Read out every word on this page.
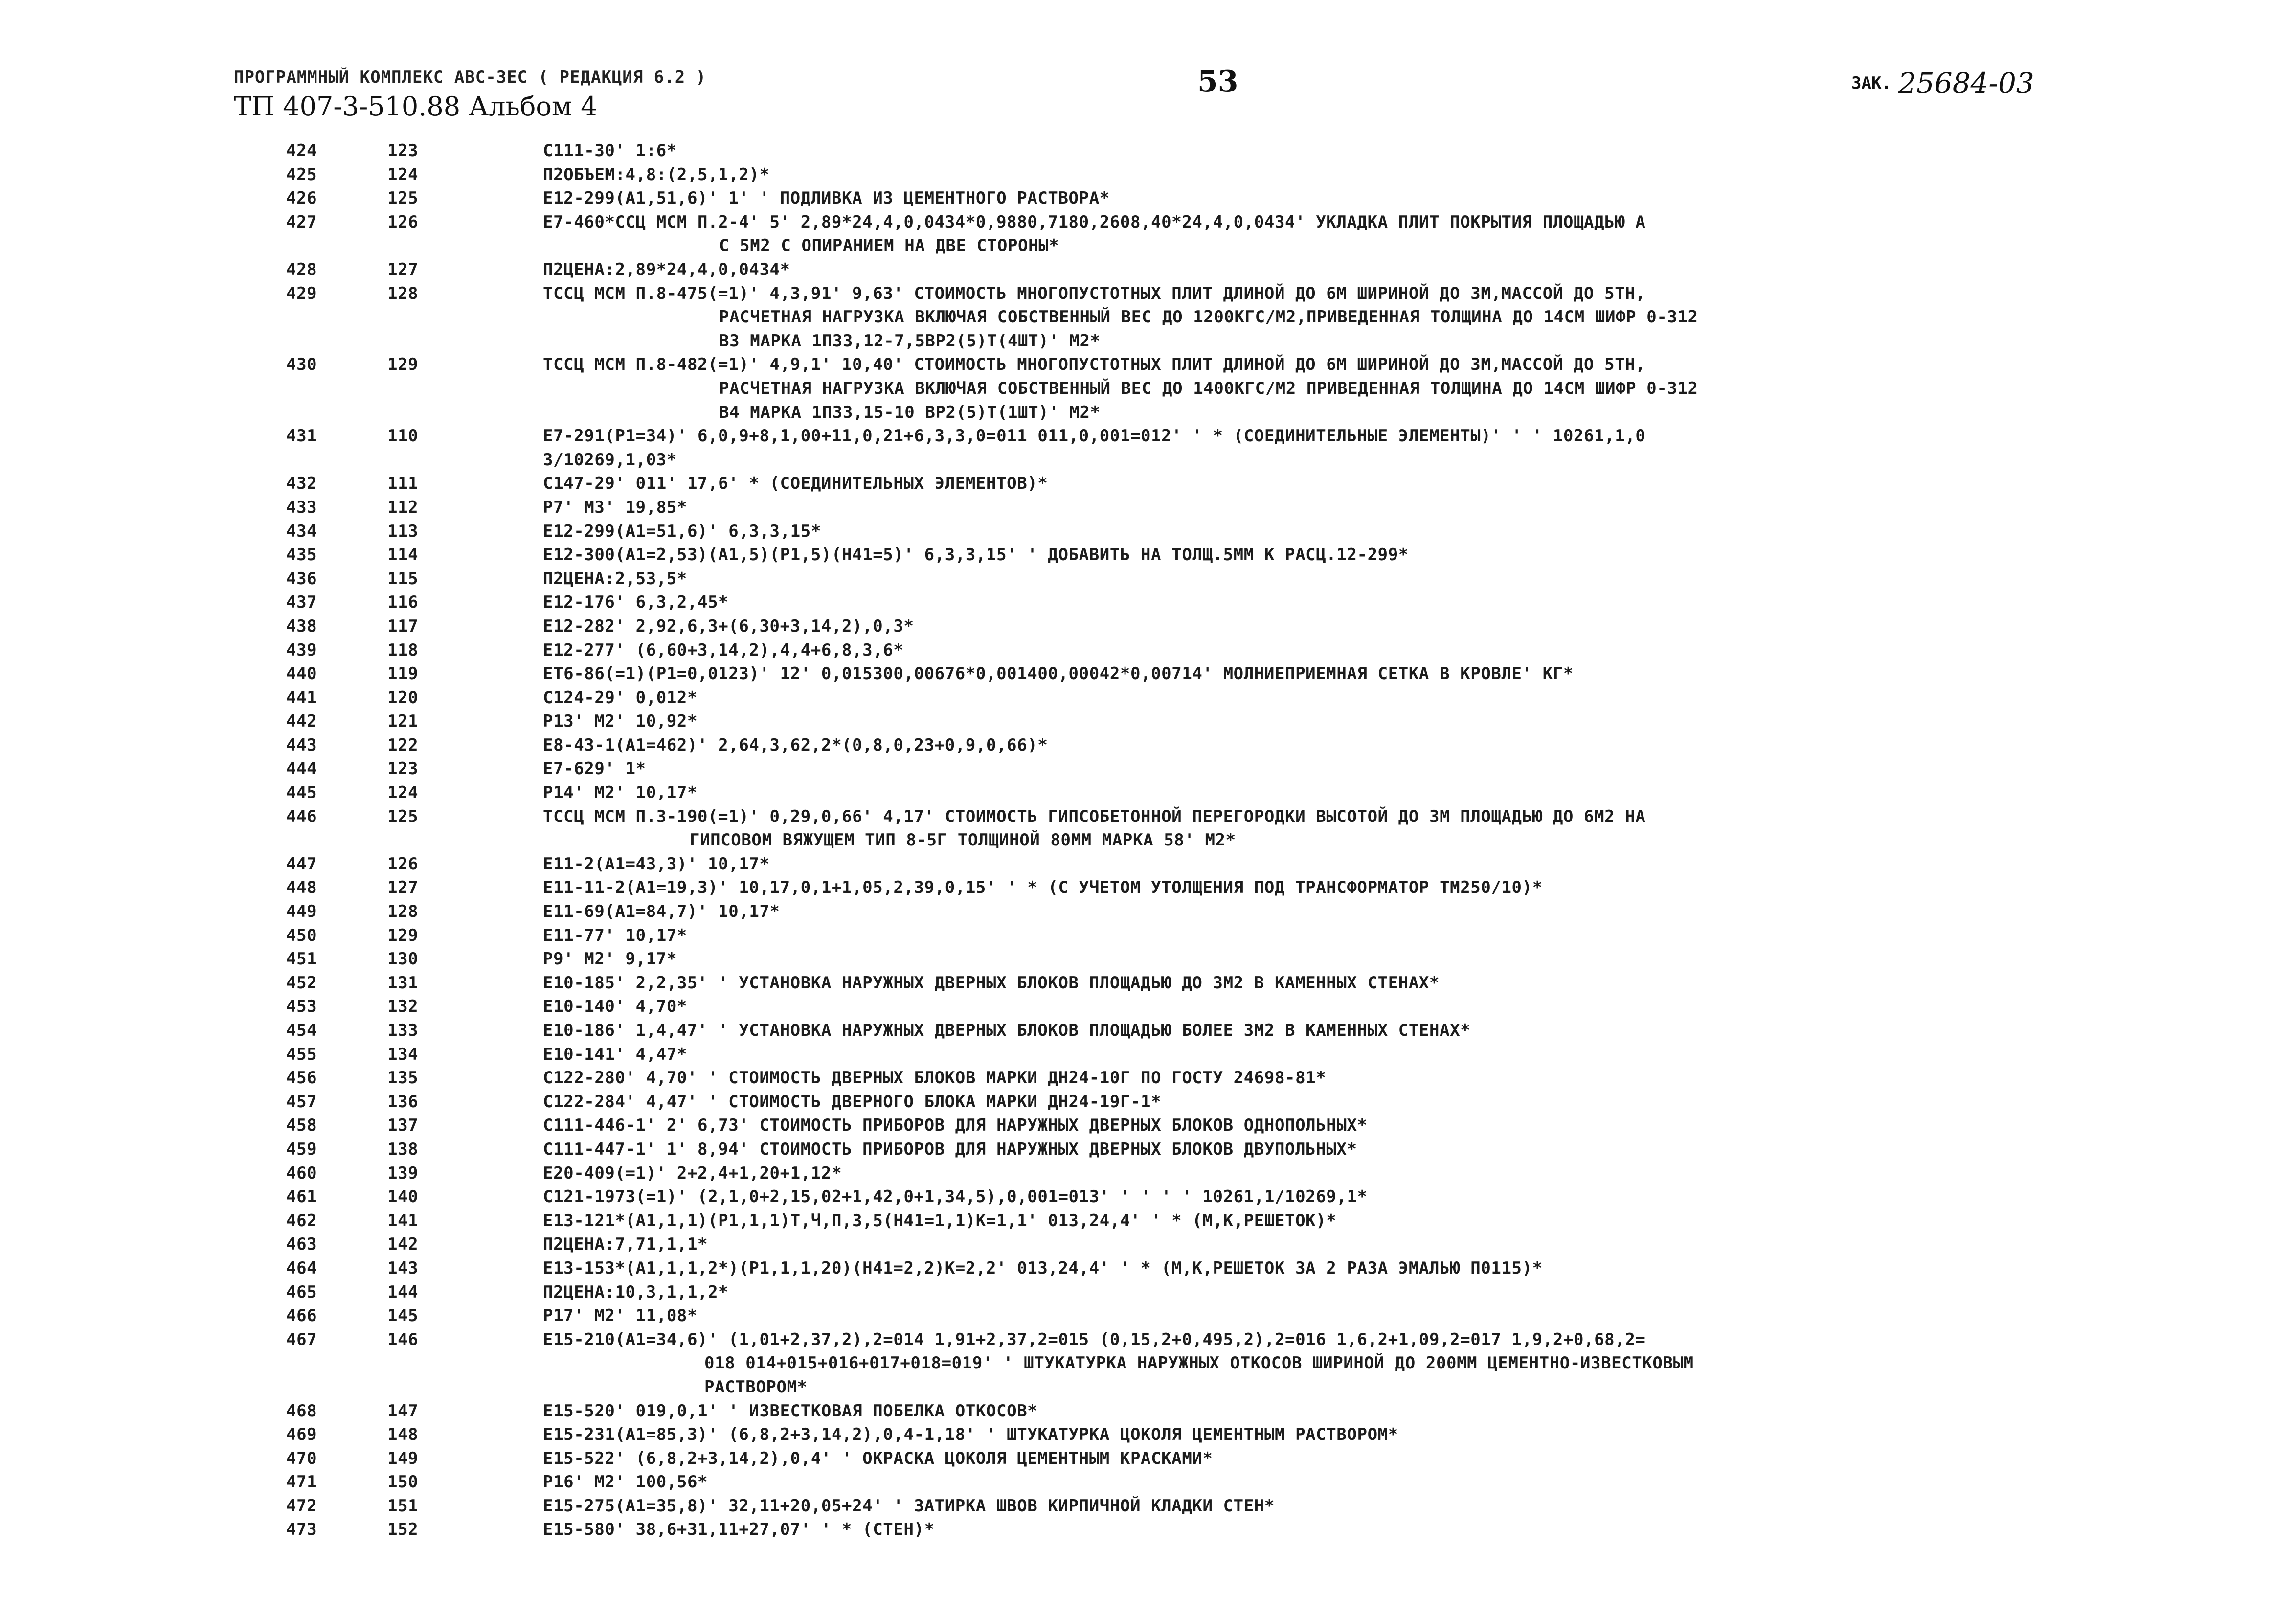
ПРОГРАММНЫЙ КОМПЛЕКС АВС-ЗЕС ( РЕДАКЦИЯ 6.2 )
ТП 407-3-510.88 Альбом 4
53	ЗАК. 25684-03
424	123	C111-30' 1:6*
425	124	П2ОБЪЕМ:4,8:(2,5,1,2)*
426	125	E12-299(A1,51,6)' 1' ' ПОДЛИВКА ИЗ ЦЕМЕНТНОГО РАСТВОРА*
427	126	E7-460*ССЦ МСМ П.2-4' 5' 2,89*24,4,0,0434*0,9880,7180,2608,40*24,4,0,0434' УКЛАДКА ПЛИТ ПОКРЫТИЯ ПЛОЩАДЬЮ А
С 5М2 С ОПИРАНИЕМ НА ДВЕ СТОРОНЫ*
428	127	П2ЦЕНА:2,89*24,4,0,0434*
429	128	ТССЦ МСМ П.8-475(=1)' 4,3,91' 9,63' СТОИМОСТЬ МНОГОПУСТОТНЫХ ПЛИТ ДЛИНОЙ ДО 6М ШИРИНОЙ ДО 3М,МАССОЙ ДО 5ТН,
РАСЧЕТНАЯ НАГРУЗКА ВКЛЮЧАЯ СОБСТВЕННЫЙ ВЕС ДО 1200КГС/М2,ПРИВЕДЕННАЯ ТОЛЩИНА ДО 14СМ ШИФР 0-312
ВЗ МАРКА 1П33,12-7,5ВР2(5)Т(4ШТ)' М2*
430	129	ТССЦ МСМ П.8-482(=1)' 4,9,1' 10,40' СТОИМОСТЬ МНОГОПУСТОТНЫХ ПЛИТ ДЛИНОЙ ДО 6М ШИРИНОЙ ДО 3М,МАССОЙ ДО 5ТН,
РАСЧЕТНАЯ НАГРУЗКА ВКЛЮЧАЯ СОБСТВЕННЫЙ ВЕС ДО 1400КГС/М2 ПРИВЕДЕННАЯ ТОЛЩИНА ДО 14СМ ШИФР 0-312
В4 МАРКА 1П33,15-10 ВР2(5)Т(1ШТ)' М2*
431	110	E7-291(P1=34)' 6,0,9+8,1,00+11,0,21+6,3,3,0=011 011,0,001=012' ' * (СОЕДИНИТЕЛЬНЫЕ ЭЛЕМЕНТЫ)' ' ' 10261,1,0
3/10269,1,03*
432	111	C147-29' 011' 17,6' * (СОЕДИНИТЕЛЬНЫХ ЭЛЕМЕНТОВ)*
433	112	P7' М3' 19,85*
434	113	E12-299(A1=51,6)' 6,3,3,15*
435	114	E12-300(A1=2,53)(A1,5)(P1,5)(H41=5)' 6,3,3,15' ' ДОБАВИТЬ НА ТОЛЩ.5ММ К РАСЦ.12-299*
436	115	П2ЦЕНА:2,53,5*
437	116	E12-176' 6,3,2,45*
438	117	E12-282' 2,92,6,3+(6,30+3,14,2),0,3*
439	118	E12-277' (6,60+3,14,2),4,4+6,8,3,6*
440	119	ET6-86(=1)(P1=0,0123)' 12' 0,015300,00676*0,001400,00042*0,00714' МОЛНИЕПРИЕМНАЯ СЕТКА В КРОВЛЕ' КГ*
441	120	C124-29' 0,012*
442	121	P13' М2' 10,92*
443	122	E8-43-1(A1=462)' 2,64,3,62,2*(0,8,0,23+0,9,0,66)*
444	123	E7-629' 1*
445	124	P14' М2' 10,17*
446	125	ТССЦ МСМ П.3-190(=1)' 0,29,0,66' 4,17' СТОИМОСТЬ ГИПСОБЕТОННОЙ ПЕРЕГОРОДКИ ВЫСОТОЙ ДО 3М ПЛОЩАДЬЮ ДО 6М2 НА
ГИПСОВОМ ВЯЖУЩЕМ ТИП 8-5Г ТОЛЩИНОЙ 80ММ МАРКА 58' М2*
447	126	E11-2(A1=43,3)' 10,17*
448	127	E11-11-2(A1=19,3)' 10,17,0,1+1,05,2,39,0,15' ' * (С УЧЕТОМ УТОЛЩЕНИЯ ПОД ТРАНСФОРМАТОР ТМ250/10)*
449	128	E11-69(A1=84,7)' 10,17*
450	129	E11-77' 10,17*
451	130	P9' М2' 9,17*
452	131	E10-185' 2,2,35' ' УСТАНОВКА НАРУЖНЫХ ДВЕРНЫХ БЛОКОВ ПЛОЩАДЬЮ ДО 3М2 В КАМЕННЫХ СТЕНАХ*
453	132	E10-140' 4,70*
454	133	E10-186' 1,4,47' ' УСТАНОВКА НАРУЖНЫХ ДВЕРНЫХ БЛОКОВ ПЛОЩАДЬЮ БОЛЕЕ 3М2 В КАМЕННЫХ СТЕНАХ*
455	134	E10-141' 4,47*
456	135	C122-280' 4,70' ' СТОИМОСТЬ ДВЕРНЫХ БЛОКОВ МАРКИ ДН24-10Г ПО ГОСТУ 24698-81*
457	136	C122-284' 4,47' ' СТОИМОСТЬ ДВЕРНОГО БЛОКА МАРКИ ДН24-19Г-1*
458	137	C111-446-1' 2' 6,73' СТОИМОСТЬ ПРИБОРОВ ДЛЯ НАРУЖНЫХ ДВЕРНЫХ БЛОКОВ ОДНОПОЛЬНЫХ*
459	138	C111-447-1' 1' 8,94' СТОИМОСТЬ ПРИБОРОВ ДЛЯ НАРУЖНЫХ ДВЕРНЫХ БЛОКОВ ДВУПОЛЬНЫХ*
460	139	E20-409(=1)' 2+2,4+1,20+1,12*
461	140	C121-1973(=1)' (2,1,0+2,15,02+1,42,0+1,34,5),0,001=013' ' ' ' ' 10261,1/10269,1*
462	141	E13-121*(A1,1,1)(P1,1,1)Т,Ч,П,3,5(H41=1,1)К=1,1' 013,24,4' ' * (М,К,РЕШЕТОК)*
463	142	П2ЦЕНА:7,71,1,1*
464	143	E13-153*(A1,1,1,2*)(P1,1,1,20)(H41=2,2)К=2,2' 013,24,4' ' * (М,К,РЕШЕТОК ЗА 2 РАЗА ЭМАЛЬЮ П0115)*
465	144	П2ЦЕНА:10,3,1,1,2*
466	145	P17' М2' 11,08*
467	146	E15-210(A1=34,6)' (1,01+2,37,2),2=014 1,91+2,37,2=015 (0,15,2+0,495,2),2=016 1,6,2+1,09,2=017 1,9,2+0,68,2=
018 014+015+016+017+018=019' ' ШТУКАТУРКА НАРУЖНЫХ ОТКОСОВ ШИРИНОЙ ДО 200ММ ЦЕМЕНТНО-ИЗВЕСТКОВЫМ
РАСТВОРОМ*
468	147	E15-520' 019,0,1' ' ИЗВЕСТКОВАЯ ПОБЕЛКА ОТКОСОВ*
469	148	E15-231(A1=85,3)' (6,8,2+3,14,2),0,4-1,18' ' ШТУКАТУРКА ЦОКОЛЯ ЦЕМЕНТНЫМ РАСТВОРОМ*
470	149	E15-522' (6,8,2+3,14,2),0,4' ' ОКРАСКА ЦОКОЛЯ ЦЕМЕНТНЫМ КРАСКАМИ*
471	150	P16' М2' 100,56*
472	151	E15-275(A1=35,8)' 32,11+20,05+24' ' ЗАТИРКА ШВОВ КИРПИЧНОЙ КЛАДКИ СТЕН*
473	152	E15-580' 38,6+31,11+27,07' ' * (СТЕН)*
